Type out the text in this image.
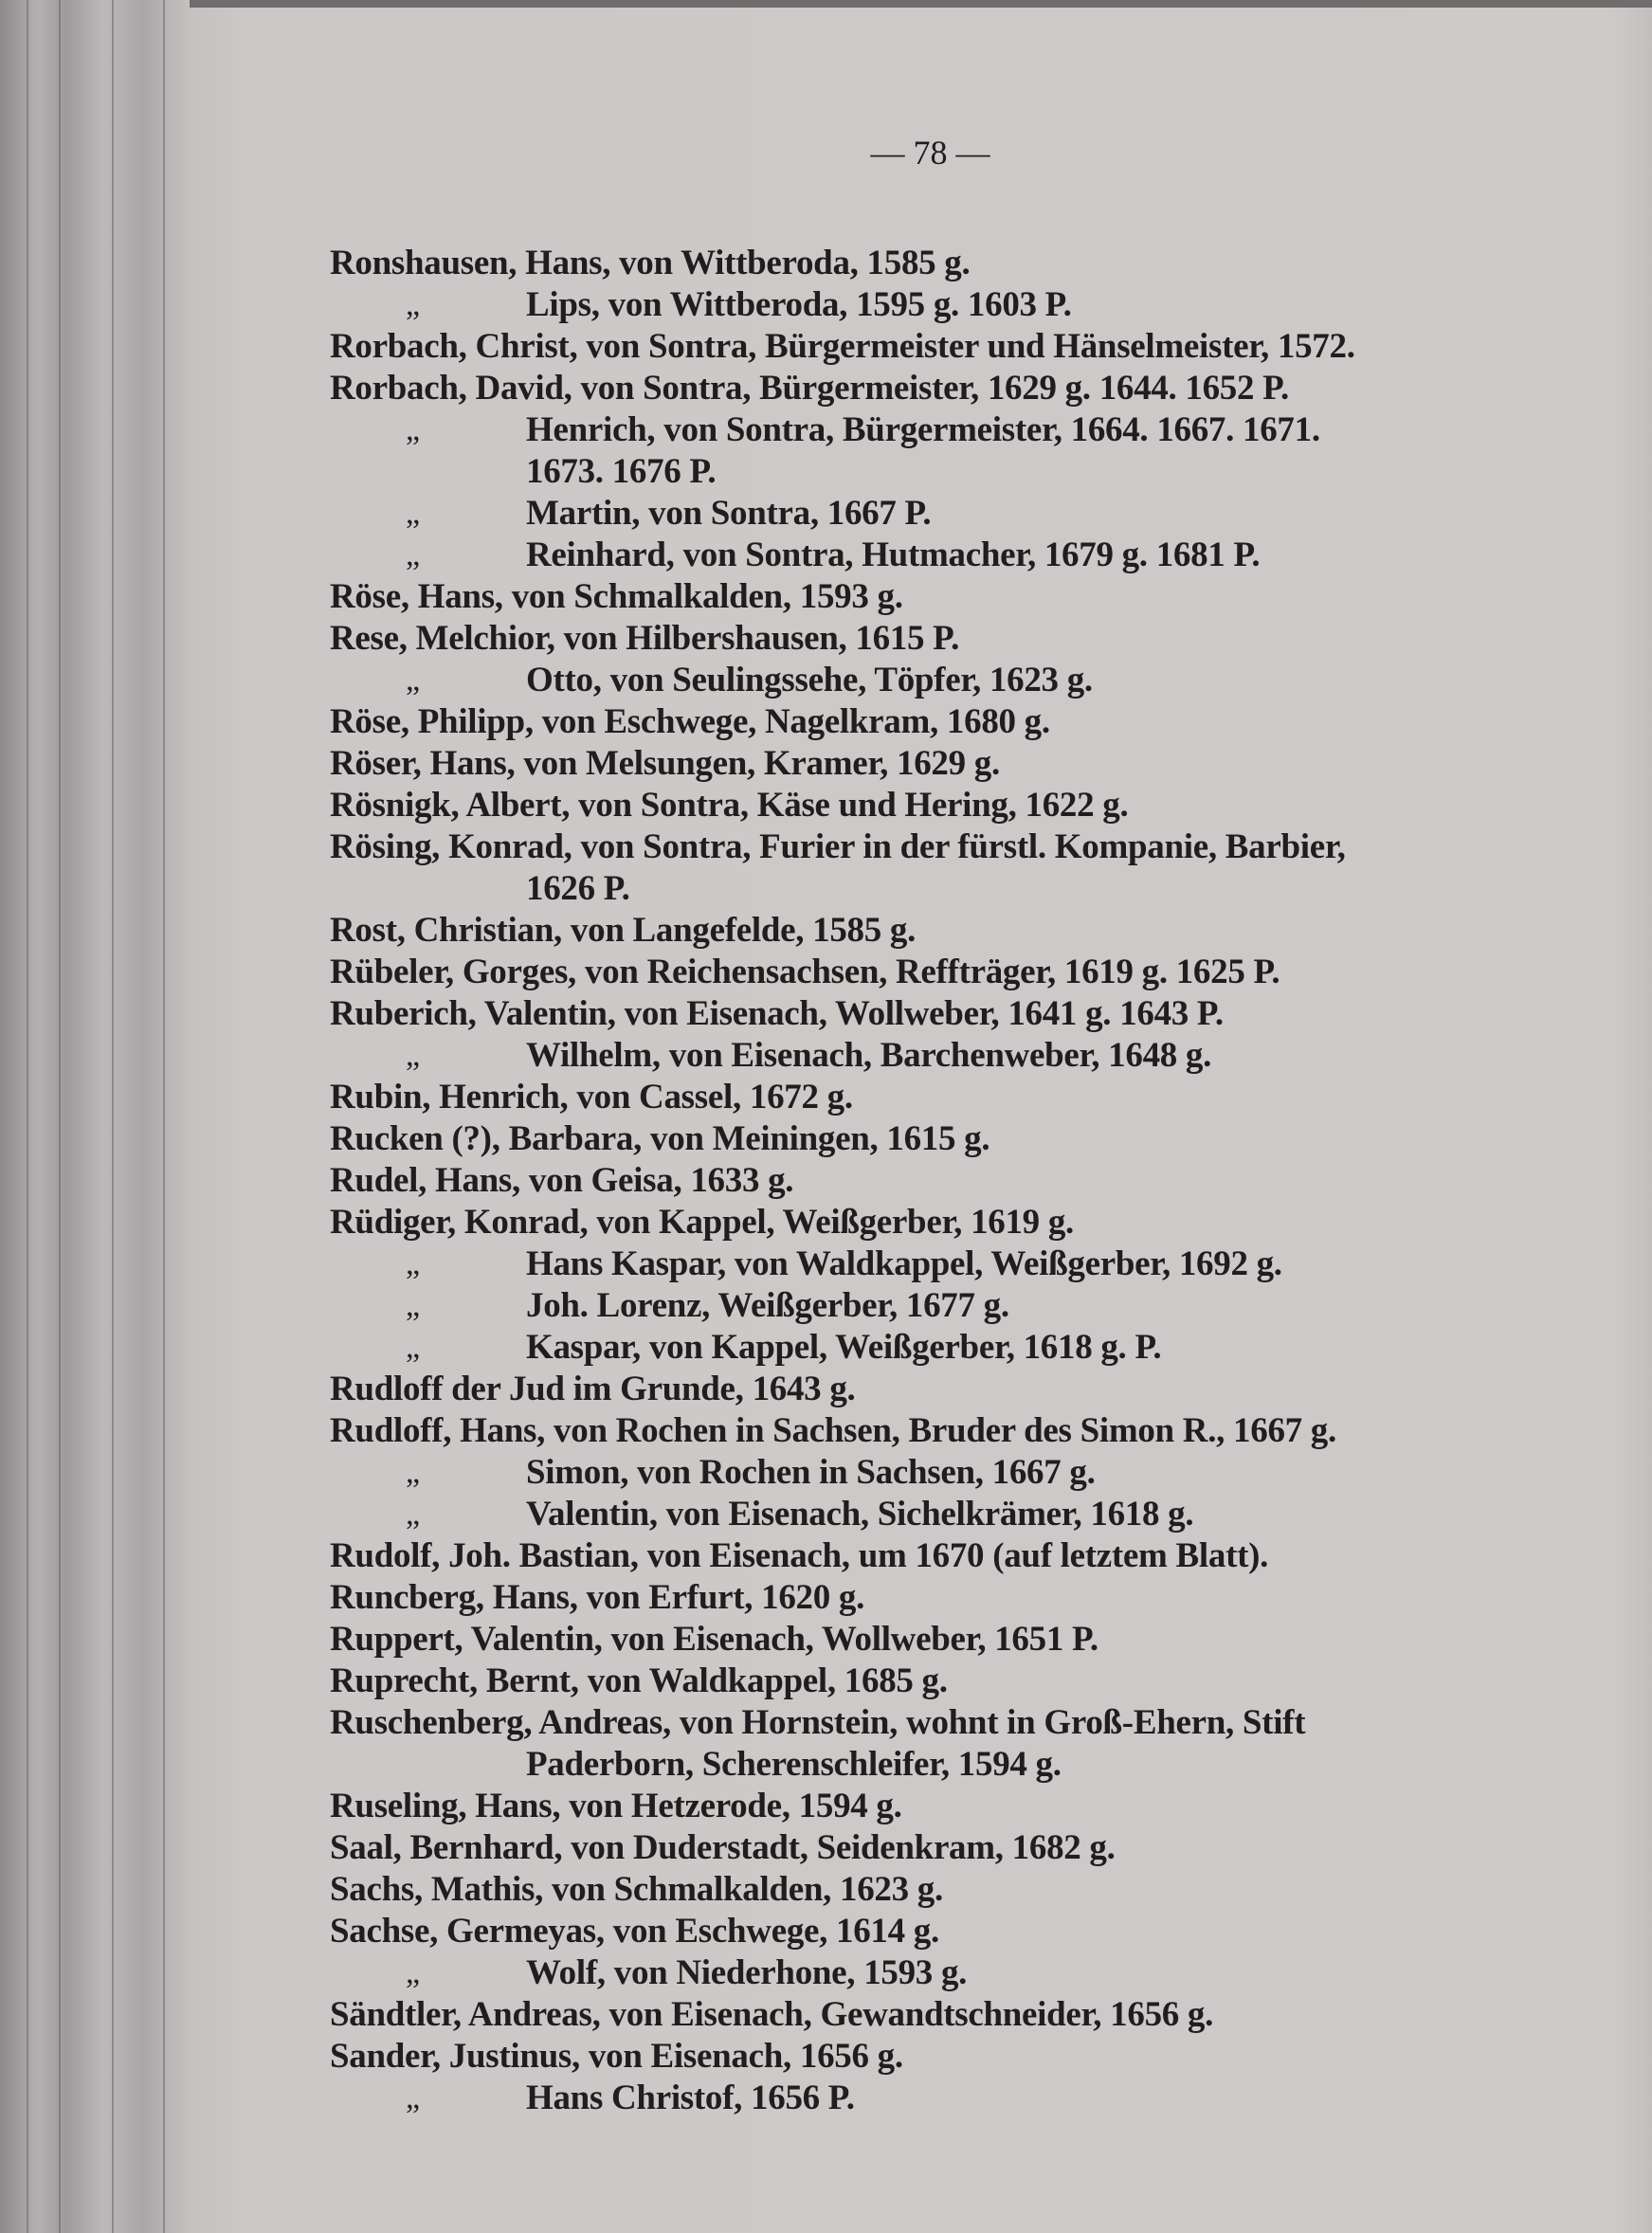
— 78 —
Ronshausen, Hans, von Wittberoda, 1585 g.
„	Lips, von Wittberoda, 1595 g. 1603 P.
Rorbach, Christ, von Sontra, Bürgermeister und Hänselmeister, 1572.
Rorbach, David, von Sontra, Bürgermeister, 1629 g. 1644. 1652 P.
„	Henrich, von Sontra, Bürgermeister, 1664. 1667. 1671.
1673. 1676 P.
„	Martin, von Sontra, 1667 P.
„	Reinhard, von Sontra, Hutmacher, 1679 g. 1681 P.
Röse, Hans, von Schmalkalden, 1593 g.
Rese, Melchior, von Hilbershausen, 1615 P.
„	Otto, von Seulingssehe, Töpfer, 1623 g.
Röse, Philipp, von Eschwege, Nagelkram, 1680 g.
Röser, Hans, von Melsungen, Kramer, 1629 g.
Rösnigk, Albert, von Sontra, Käse und Hering, 1622 g.
Rösing, Konrad, von Sontra, Furier in der fürstl. Kompanie, Barbier,
1626 P.
Rost, Christian, von Langefelde, 1585 g.
Rübeler, Gorges, von Reichensachsen, Reffträger, 1619 g. 1625 P.
Ruberich, Valentin, von Eisenach, Wollweber, 1641 g. 1643 P.
„	Wilhelm, von Eisenach, Barchenweber, 1648 g.
Rubin, Henrich, von Cassel, 1672 g.
Rucken (?), Barbara, von Meiningen, 1615 g.
Rudel, Hans, von Geisa, 1633 g.
Rüdiger, Konrad, von Kappel, Weißgerber, 1619 g.
„	Hans Kaspar, von Waldkappel, Weißgerber, 1692 g.
„	Joh. Lorenz, Weißgerber, 1677 g.
„	Kaspar, von Kappel, Weißgerber, 1618 g. P.
Rudloff der Jud im Grunde, 1643 g.
Rudloff, Hans, von Rochen in Sachsen, Bruder des Simon R., 1667 g.
„	Simon, von Rochen in Sachsen, 1667 g.
„	Valentin, von Eisenach, Sichelkrämer, 1618 g.
Rudolf, Joh. Bastian, von Eisenach, um 1670 (auf letztem Blatt).
Runcberg, Hans, von Erfurt, 1620 g.
Ruppert, Valentin, von Eisenach, Wollweber, 1651 P.
Ruprecht, Bernt, von Waldkappel, 1685 g.
Ruschenberg, Andreas, von Hornstein, wohnt in Groß-Ehern, Stift
Paderborn, Scherenschleifer, 1594 g.
Ruseling, Hans, von Hetzerode, 1594 g.
Saal, Bernhard, von Duderstadt, Seidenkram, 1682 g.
Sachs, Mathis, von Schmalkalden, 1623 g.
Sachse, Germeyas, von Eschwege, 1614 g.
„	Wolf, von Niederhone, 1593 g.
Sändtler, Andreas, von Eisenach, Gewandtschneider, 1656 g.
Sander, Justinus, von Eisenach, 1656 g.
„	Hans Christof, 1656 P.
